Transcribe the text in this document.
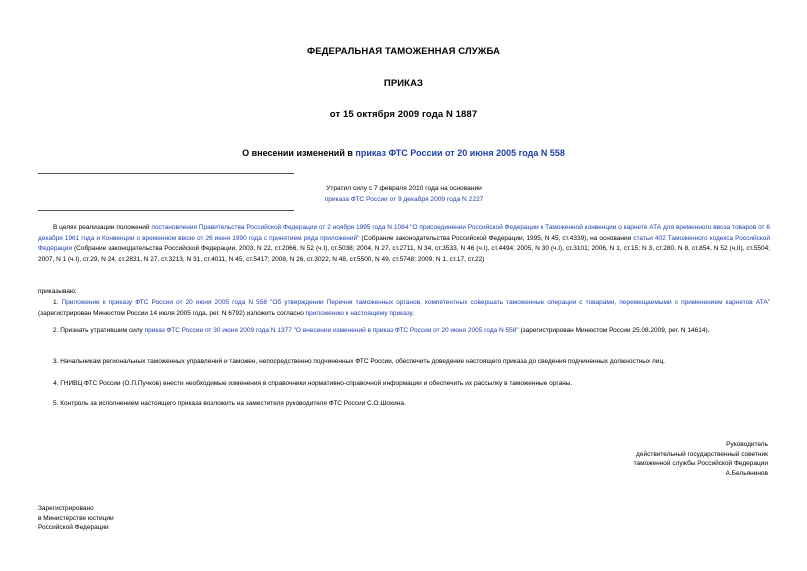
ФЕДЕРАЛЬНАЯ ТАМОЖЕННАЯ СЛУЖБА
ПРИКАЗ
от 15 октября 2009 года N 1887
О внесении изменений в приказ ФТС России от 20 июня 2005 года N 558
Утратил силу с 7 февраля 2010 года на основании
приказа ФТС России от 9 декабря 2009 года N 2227
В целях реализации положений постановления Правительства Российской Федерации от 2 ноября 1995 года N 1084 "О присоединении Российской Федерации к Таможенной конвенции о карнете АТА для временного ввоза товаров от 6 декабря 1961 года и Конвенции о временном ввозе от 26 июня 1990 года с принятием ряда приложений" (Собрание законодательства Российской Федерации, 1995, N 45, ст.4339), на основании статьи 402 Таможенного кодекса Российской Федерации (Собрание законодательства Российской Федерации, 2003, N 22, ст.2066, N 52 (ч.I), ст.5038; 2004, N 27, ст.2711, N 34, ст.3533, N 46 (ч.I), ст.4494; 2005, N 30 (ч.I), ст.3101; 2006, N 1, ст.15; N 3, ст.280, N 8, ст.854, N 52 (ч.II), ст.5504; 2007, N 1 (ч.I), ст.29, N 24, ст.2831, N 27, ст.3213, N 31, ст.4011, N 45, ст.5417; 2008, N 26, ст.3022, N 48, ст.5500, N 49, ст.5748; 2009, N 1, ст.17, ст.22)
приказываю:
1. Приложение к приказу ФТС России от 20 июня 2005 года N 558 "Об утверждении Перечня таможенных органов, компетентных совершать таможенные операции с товарами, перемещаемыми с применением карнетов АТА" (зарегистрирован Минюстом России 14 июля 2005 года, рег. N 6792) изложить согласно приложению к настоящему приказу.
2. Признать утратившим силу приказ ФТС России от 30 июня 2009 года N 1377 "О внесении изменений в приказ ФТС России от 20 июня 2005 года N 558" (зарегистрирован Минюстом России 25.08.2009, рег. N 14614).
3. Начальникам региональных таможенных управлений и таможен, непосредственно подчиненных ФТС России, обеспечить доведение настоящего приказа до сведения подчиненных должностных лиц.
4. ГНИВЦ ФТС России (О.П.Пучков) внести необходимые изменения в справочники нормативно-справочной информации и обеспечить их рассылку в таможенные органы.
5. Контроль за исполнением настоящего приказа возложить на заместителя руководителя ФТС России С.О.Шохина.
Руководитель
действительный государственный советник
таможенной службы Российской Федерации
А.Бельянинов
Зарегистрировано
в Министерстве юстиции
Российской Федерации
